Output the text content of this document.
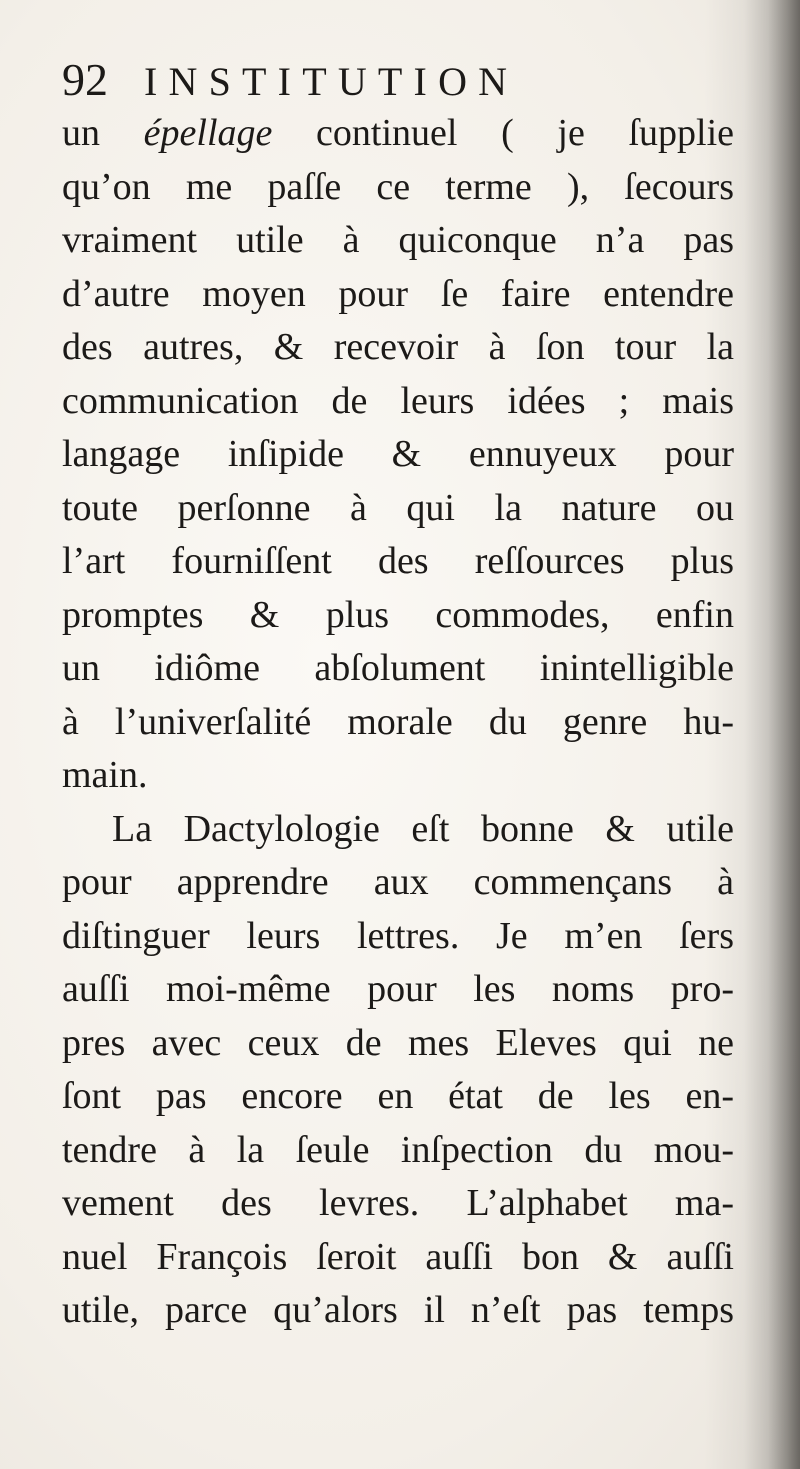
92 INSTITUTION
un épellage continuel ( je ſupplie
qu’on me paſſe ce terme ), ſecours
vraiment utile à quiconque n’a pas
d’autre moyen pour ſe faire entendre
des autres, & recevoir à ſon tour la
communication de leurs idées ; mais
langage inſipide & ennuyeux pour
toute perſonne à qui la nature ou
l’art fourniſſent des reſſources plus
promptes & plus commodes, enfin
un idiôme abſolument inintelligible
à l’univerſalité morale du genre hu-
main.
La Dactylologie eſt bonne & utile
pour apprendre aux commençans à
diſtinguer leurs lettres. Je m’en ſers
auſſi moi-même pour les noms pro-
pres avec ceux de mes Eleves qui ne
ſont pas encore en état de les en-
tendre à la ſeule inſpection du mou-
vement des levres. L’alphabet ma-
nuel François ſeroit auſſi bon & auſſi
utile, parce qu’alors il n’eſt pas temps
